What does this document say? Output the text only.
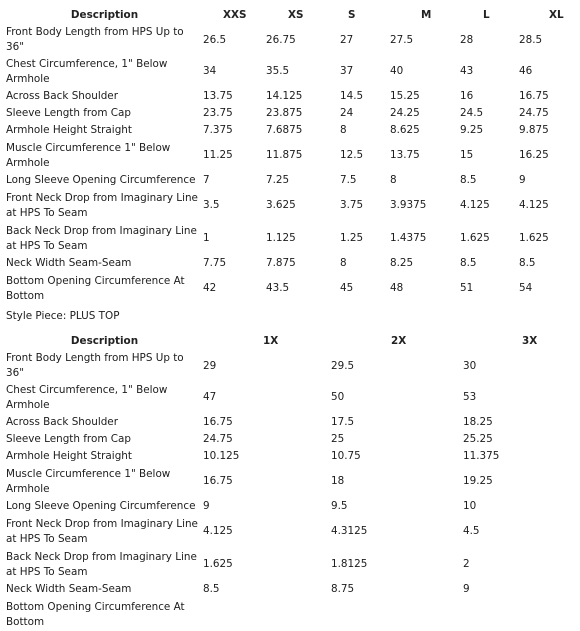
Description	XXS	XS	S	M	L	XL
Front Body Length from HPS Up to 36"	26.5	26.75	27	27.5	28	28.5
Chest Circumference, 1" Below Armhole	34	35.5	37	40	43	46
Across Back Shoulder	13.75	14.125	14.5	15.25	16	16.75
Sleeve Length from Cap	23.75	23.875	24	24.25	24.5	24.75
Armhole Height Straight	7.375	7.6875	8	8.625	9.25	9.875
Muscle Circumference 1" Below Armhole	11.25	11.875	12.5	13.75	15	16.25
Long Sleeve Opening Circumference	7	7.25	7.5	8	8.5	9
Front Neck Drop from Imaginary Line at HPS To Seam	3.5	3.625	3.75	3.9375	4.125	4.125
Back Neck Drop from Imaginary Line at HPS To Seam	1	1.125	1.25	1.4375	1.625	1.625
Neck Width Seam-Seam	7.75	7.875	8	8.25	8.5	8.5
Bottom Opening Circumference At Bottom	42	43.5	45	48	51	54
Style Piece: PLUS TOP
Description	1X	2X	3X
Front Body Length from HPS Up to 36"	29	29.5	30
Chest Circumference, 1" Below Armhole	47	50	53
Across Back Shoulder	16.75	17.5	18.25
Sleeve Length from Cap	24.75	25	25.25
Armhole Height Straight	10.125	10.75	11.375
Muscle Circumference 1" Below Armhole	16.75	18	19.25
Long Sleeve Opening Circumference	9	9.5	10
Front Neck Drop from Imaginary Line at HPS To Seam	4.125	4.3125	4.5
Back Neck Drop from Imaginary Line at HPS To Seam	1.625	1.8125	2
Neck Width Seam-Seam	8.5	8.75	9
Bottom Opening Circumference At Bottom			
